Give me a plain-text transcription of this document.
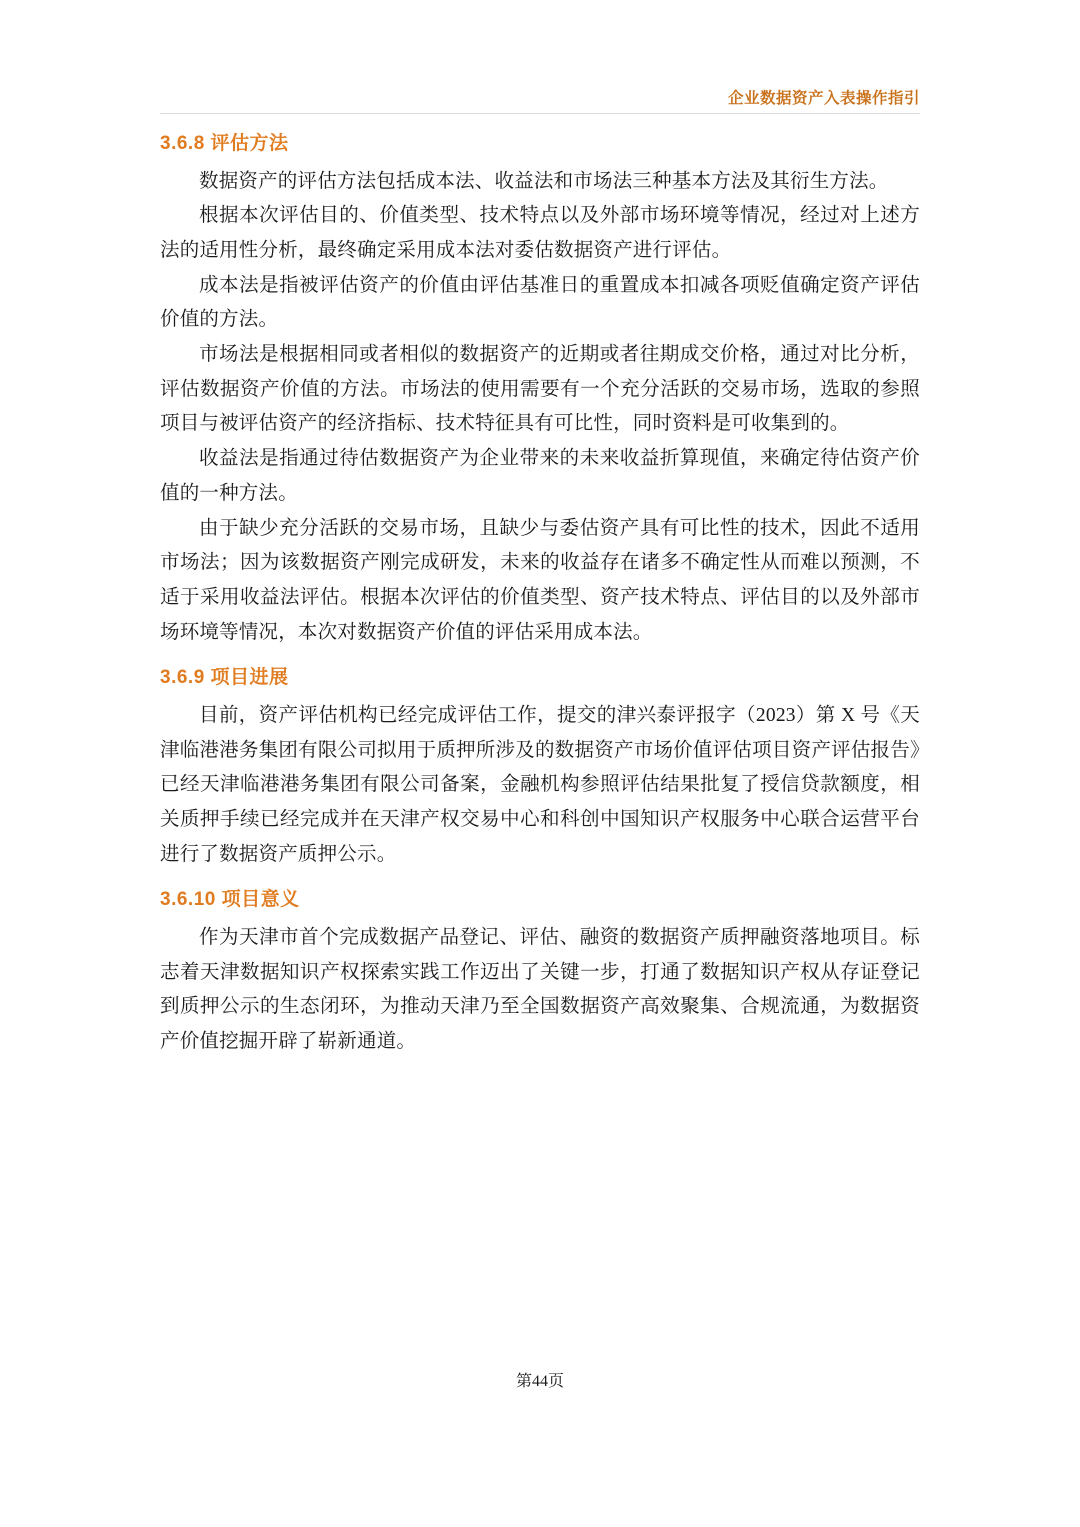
企业数据资产入表操作指引
3.6.8 评估方法

数据资产的评估方法包括成本法、收益法和市场法三种基本方法及其衍生方法。

根据本次评估目的、价值类型、技术特点以及外部市场环境等情况，经过对上述方法的适用性分析，最终确定采用成本法对委估数据资产进行评估。

成本法是指被评估资产的价值由评估基准日的重置成本扣减各项贬值确定资产评估价值的方法。

市场法是根据相同或者相似的数据资产的近期或者往期成交价格，通过对比分析，评估数据资产价值的方法。市场法的使用需要有一个充分活跃的交易市场，选取的参照项目与被评估资产的经济指标、技术特征具有可比性，同时资料是可收集到的。

收益法是指通过待估数据资产为企业带来的未来收益折算现值，来确定待估资产价值的一种方法。

由于缺少充分活跃的交易市场，且缺少与委估资产具有可比性的技术，因此不适用市场法；因为该数据资产刚完成研发，未来的收益存在诸多不确定性从而难以预测，不适于采用收益法评估。根据本次评估的价值类型、资产技术特点、评估目的以及外部市场环境等情况，本次对数据资产价值的评估采用成本法。

3.6.9 项目进展

目前，资产评估机构已经完成评估工作，提交的津兴泰评报字（2023）第 X 号《天津临港港务集团有限公司拟用于质押所涉及的数据资产市场价值评估项目资产评估报告》已经天津临港港务集团有限公司备案，金融机构参照评估结果批复了授信贷款额度，相关质押手续已经完成并在天津产权交易中心和科创中国知识产权服务中心联合运营平台进行了数据资产质押公示。

3.6.10 项目意义

作为天津市首个完成数据产品登记、评估、融资的数据资产质押融资落地项目。标志着天津数据知识产权探索实践工作迈出了关键一步，打通了数据知识产权从存证登记到质押公示的生态闭环，为推动天津乃至全国数据资产高效聚集、合规流通，为数据资产价值挖掘开辟了崭新通道。

第44页
